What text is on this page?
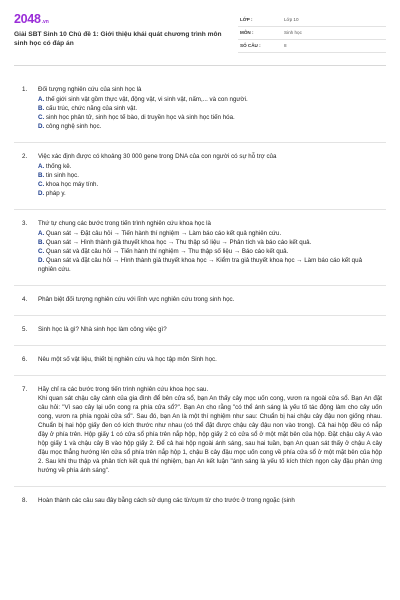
2048 .vn
Giải SBT Sinh 10 Chủ đề 1: Giới thiệu khái quát chương trình môn sinh học có đáp án
LỚP :	Lớp 10
MÔN :	Sinh học
SỐ CÂU :	8
1. Đối tượng nghiên cứu của sinh học là
A. thế giới sinh vật gồm thực vật, động vật, vi sinh vật, nấm,... và con người.
B. cấu trúc, chức năng của sinh vật.
C. sinh học phân tử, sinh học tế bào, di truyền học và sinh học tiến hóa.
D. công nghệ sinh học.
2. Việc xác định được có khoảng 30 000 gene trong DNA của con người có sự hỗ trợ của
A. thống kê.
B. tin sinh học.
C. khoa học máy tính.
D. pháp y.
3. Thứ tự chung các bước trong tiến trình nghiên cứu khoa học là
A. Quan sát → Đặt câu hỏi → Tiến hành thí nghiệm → Làm báo cáo kết quả nghiên cứu.
B. Quan sát → Hình thành giả thuyết khoa học → Thu thập số liệu → Phân tích và báo cáo kết quả.
C. Quan sát và đặt câu hỏi → Tiến hành thí nghiệm → Thu thập số liệu → Báo cáo kết quả.
D. Quan sát và đặt câu hỏi → Hình thành giả thuyết khoa học → Kiểm tra giả thuyết khoa học → Làm báo cáo kết quả nghiên cứu.
4. Phân biệt đối tượng nghiên cứu với lĩnh vực nghiên cứu trong sinh học.
5. Sinh học là gì? Nhà sinh học làm công việc gì?
6. Nêu một số vật liệu, thiết bị nghiên cứu và học tập môn Sinh học.
7. Hãy chỉ ra các bước trong tiến trình nghiên cứu khoa học sau.
Khi quan sát chậu cây cảnh của gia đình để bên cửa sổ, bạn An thấy cây mọc uốn cong, vươn ra ngoài cửa sổ. Bạn An đặt câu hỏi: "Vì sao cây lại uốn cong ra phía cửa sổ?". Bạn An cho rằng "có thể ánh sáng là yếu tố tác động làm cho cây uốn cong, vươn ra phía ngoài cửa sổ". Sau đó, bạn An là một thí nghiệm như sau: Chuẩn bị hai chậu cây đậu non giống nhau. Chuẩn bị hai hộp giấy đen có kích thước như nhau (có thể đặt được chậu cây đậu non vào trong). Cả hai hộp đều có nắp đậy ở phía trên. Hộp giấy 1 có cửa sổ phía trên nắp hộp, hộp giấy 2 có cửa sổ ở một mặt bên của hộp. Đặt chậu cây A vào hộp giấy 1 và chậu cây B vào hộp giấy 2. Để cả hai hộp ngoài ánh sáng, sau hai tuần, bạn An quan sát thấy ở chậu A cây đậu mọc thẳng hướng lên cửa sổ phía trên nắp hộp 1, chậu B cây đậu mọc uốn cong về phía cửa sổ ở một mặt bên của hộp 2. Sau khi thu thập và phân tích kết quả thí nghiệm, bạn An kết luận "ánh sáng là yếu tố kích thích ngọn cây đậu phản ứng hướng về phía ánh sáng".
8. Hoàn thành các câu sau đây bằng cách sử dụng các từ/cụm từ cho trước ở trong ngoặc (sinh
